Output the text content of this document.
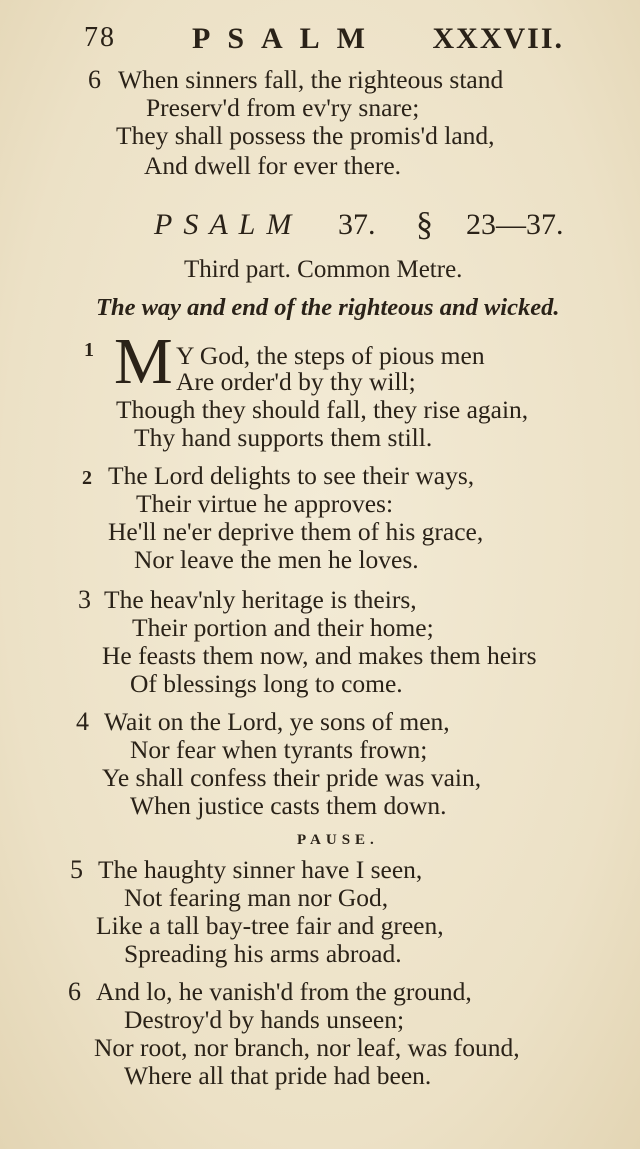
78	PSALM XXXVII.
6 When sinners fall, the righteous stand
Preserv'd from ev'ry snare;
They shall possess the promis'd land,
And dwell for ever there.
PSALM 37. § 23—37.
Third part. Common Metre.
The way and end of the righteous and wicked.
1 M Y God, the steps of pious men
Are order'd by thy will;
Though they should fall, they rise again,
Thy hand supports them still.
2 The Lord delights to see their ways,
Their virtue he approves:
He'll ne'er deprive them of his grace,
Nor leave the men he loves.
3 The heav'nly heritage is theirs,
Their portion and their home;
He feasts them now, and makes them heirs
Of blessings long to come.
4 Wait on the Lord, ye sons of men,
Nor fear when tyrants frown;
Ye shall confess their pride was vain,
When justice casts them down.
PAUSE.
5 The haughty sinner have I seen,
Not fearing man nor God,
Like a tall bay-tree fair and green,
Spreading his arms abroad.
6 And lo, he vanish'd from the ground,
Destroy'd by hands unseen;
Nor root, nor branch, nor leaf, was found,
Where all that pride had been.
